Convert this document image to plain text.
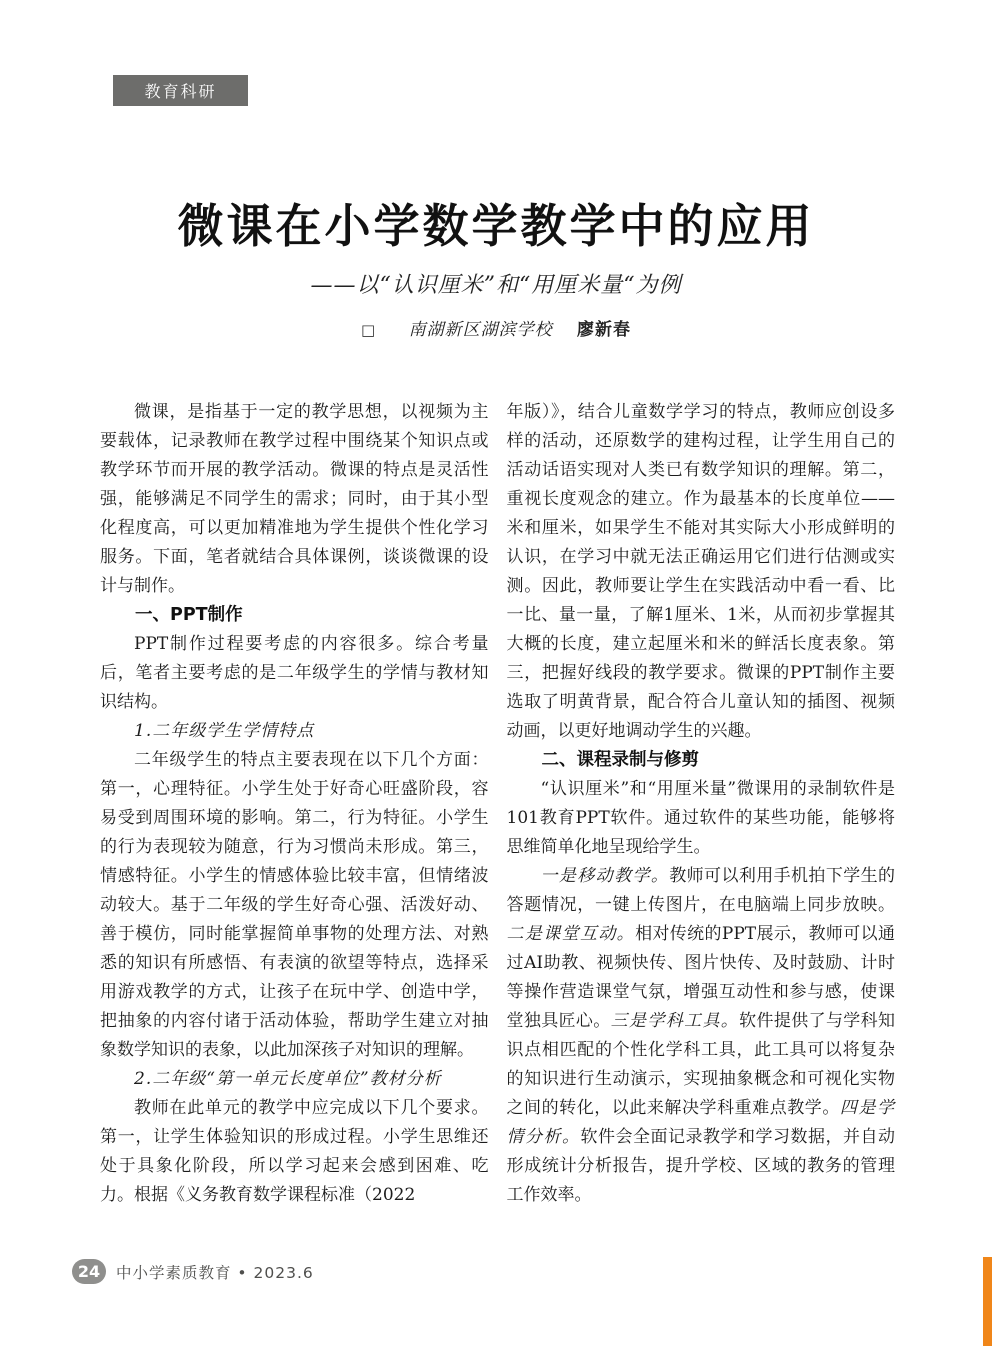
教育科研
微课在小学数学教学中的应用
——以“认识厘米”和“用厘米量“为例
□ 南湖新区湖滨学校 廖新春

微课，是指基于一定的教学思想，以视频为主要载体，记录教师在教学过程中围绕某个知识点或教学环节而开展的教学活动。微课的特点是灵活性强，能够满足不同学生的需求；同时，由于其小型化程度高，可以更加精准地为学生提供个性化学习服务。下面，笔者就结合具体课例，谈谈微课的设计与制作。

一、PPT制作

PPT制作过程要考虑的内容很多。综合考量后，笔者主要考虑的是二年级学生的学情与教材知识结构。

1.二年级学生学情特点

二年级学生的特点主要表现在以下几个方面：第一，心理特征。小学生处于好奇心旺盛阶段，容易受到周围环境的影响。第二，行为特征。小学生的行为表现较为随意，行为习惯尚未形成。第三，情感特征。小学生的情感体验比较丰富，但情绪波动较大。基于二年级的学生好奇心强、活泼好动、善于模仿，同时能掌握简单事物的处理方法、对熟悉的知识有所感悟、有表演的欲望等特点，选择采用游戏教学的方式，让孩子在玩中学、创造中学，把抽象的内容付诸于活动体验，帮助学生建立对抽象数学知识的表象，以此加深孩子对知识的理解。

2.二年级“第一单元长度单位”教材分析

教师在此单元的教学中应完成以下几个要求。第一，让学生体验知识的形成过程。小学生思维还处于具象化阶段，所以学习起来会感到困难、吃力。根据《义务教育数学课程标准（2022

年版）》，结合儿童数学学习的特点，教师应创设多样的活动，还原数学的建构过程，让学生用自己的活动话语实现对人类已有数学知识的理解。第二，重视长度观念的建立。作为最基本的长度单位——米和厘米，如果学生不能对其实际大小形成鲜明的认识，在学习中就无法正确运用它们进行估测或实测。因此，教师要让学生在实践活动中看一看、比一比、量一量，了解1厘米、1米，从而初步掌握其大概的长度，建立起厘米和米的鲜活长度表象。第三，把握好线段的教学要求。微课的PPT制作主要选取了明黄背景，配合符合儿童认知的插图、视频动画，以更好地调动学生的兴趣。

二、课程录制与修剪

“认识厘米”和“用厘米量”微课用的录制软件是101教育PPT软件。通过软件的某些功能，能够将思维简单化地呈现给学生。

一是移动教学。教师可以利用手机拍下学生的答题情况，一键上传图片，在电脑端上同步放映。二是课堂互动。相对传统的PPT展示，教师可以通过AI助教、视频快传、图片快传、及时鼓励、计时等操作营造课堂气氛，增强互动性和参与感，使课堂独具匠心。三是学科工具。软件提供了与学科知识点相匹配的个性化学科工具，此工具可以将复杂的知识进行生动演示，实现抽象概念和可视化实物之间的转化，以此来解决学科重难点教学。四是学情分析。软件会全面记录教学和学习数据，并自动形成统计分析报告，提升学校、区域的教务的管理工作效率。

24	中小学素质教育 • 2023.6
